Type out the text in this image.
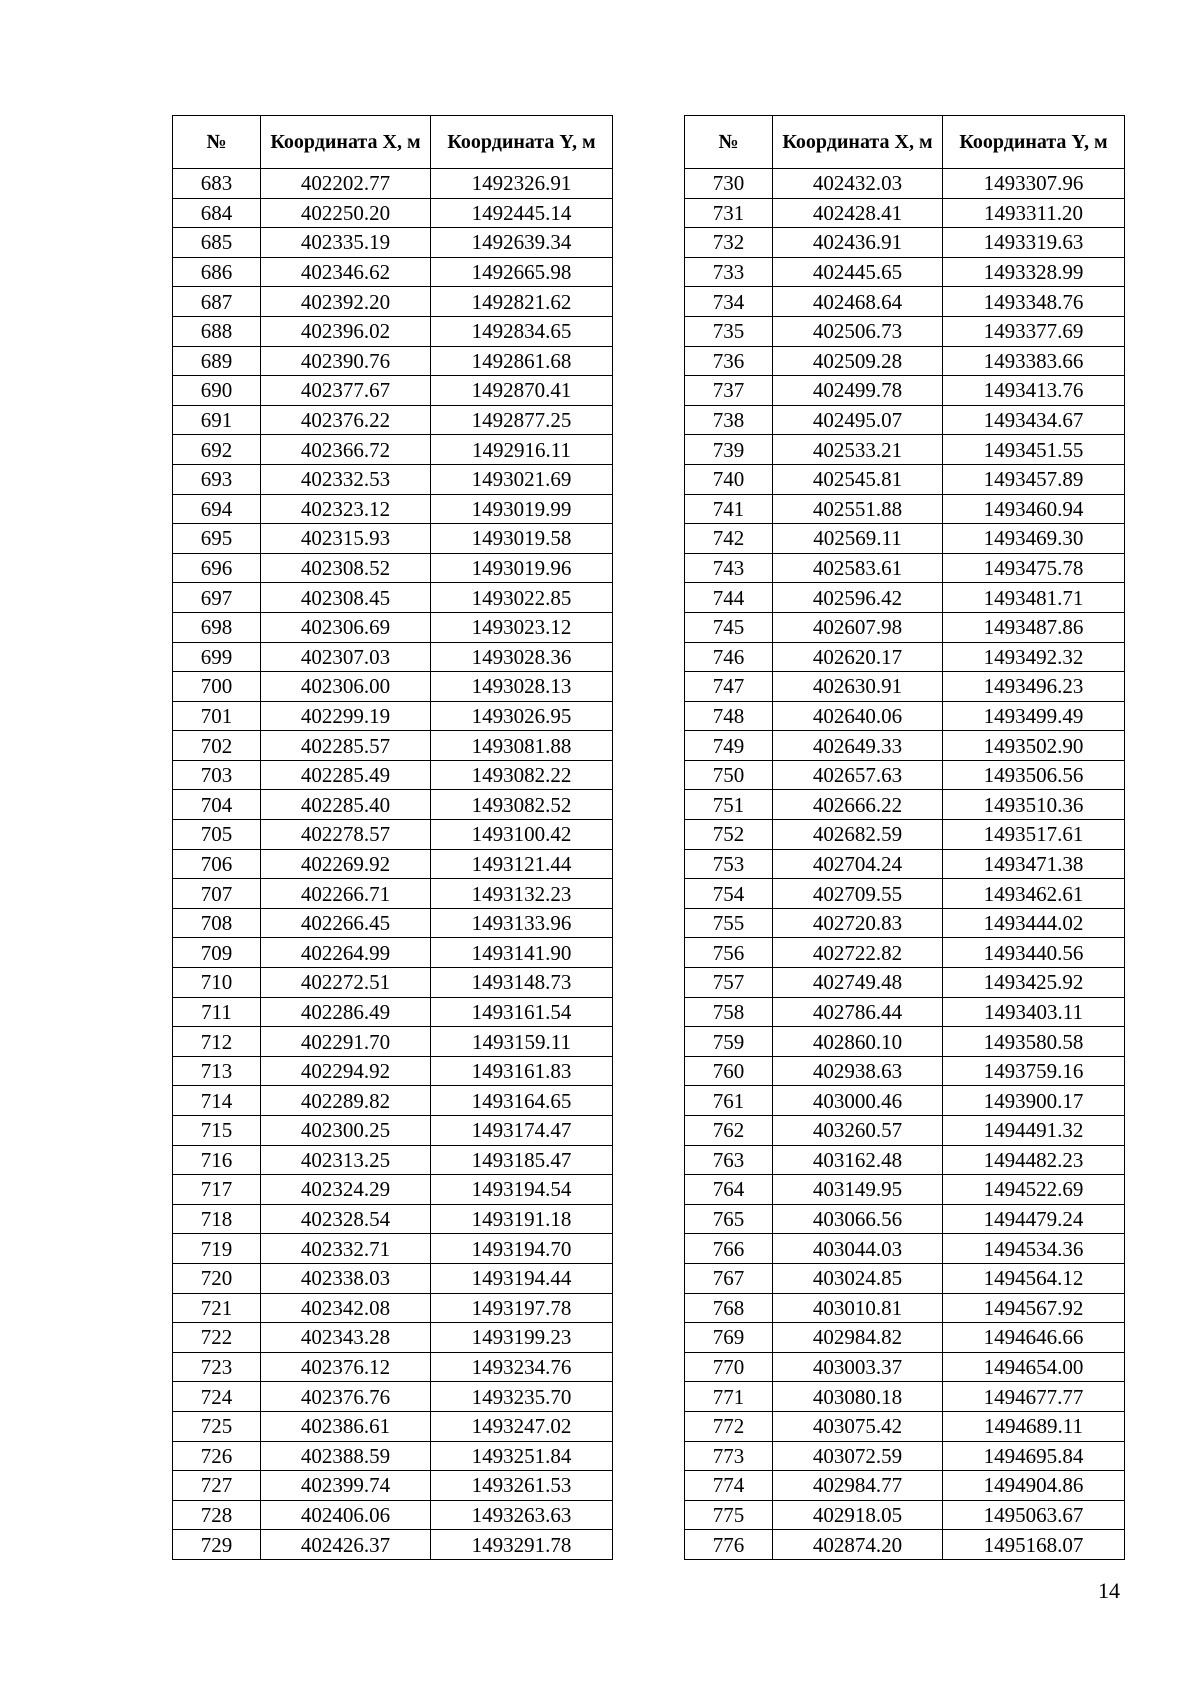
№	Координата X, м	Координата Y, м
683	402202.77	1492326.91
684	402250.20	1492445.14
685	402335.19	1492639.34
686	402346.62	1492665.98
687	402392.20	1492821.62
688	402396.02	1492834.65
689	402390.76	1492861.68
690	402377.67	1492870.41
691	402376.22	1492877.25
692	402366.72	1492916.11
693	402332.53	1493021.69
694	402323.12	1493019.99
695	402315.93	1493019.58
696	402308.52	1493019.96
697	402308.45	1493022.85
698	402306.69	1493023.12
699	402307.03	1493028.36
700	402306.00	1493028.13
701	402299.19	1493026.95
702	402285.57	1493081.88
703	402285.49	1493082.22
704	402285.40	1493082.52
705	402278.57	1493100.42
706	402269.92	1493121.44
707	402266.71	1493132.23
708	402266.45	1493133.96
709	402264.99	1493141.90
710	402272.51	1493148.73
711	402286.49	1493161.54
712	402291.70	1493159.11
713	402294.92	1493161.83
714	402289.82	1493164.65
715	402300.25	1493174.47
716	402313.25	1493185.47
717	402324.29	1493194.54
718	402328.54	1493191.18
719	402332.71	1493194.70
720	402338.03	1493194.44
721	402342.08	1493197.78
722	402343.28	1493199.23
723	402376.12	1493234.76
724	402376.76	1493235.70
725	402386.61	1493247.02
726	402388.59	1493251.84
727	402399.74	1493261.53
728	402406.06	1493263.63
729	402426.37	1493291.78
№	Координата X, м	Координата Y, м
730	402432.03	1493307.96
731	402428.41	1493311.20
732	402436.91	1493319.63
733	402445.65	1493328.99
734	402468.64	1493348.76
735	402506.73	1493377.69
736	402509.28	1493383.66
737	402499.78	1493413.76
738	402495.07	1493434.67
739	402533.21	1493451.55
740	402545.81	1493457.89
741	402551.88	1493460.94
742	402569.11	1493469.30
743	402583.61	1493475.78
744	402596.42	1493481.71
745	402607.98	1493487.86
746	402620.17	1493492.32
747	402630.91	1493496.23
748	402640.06	1493499.49
749	402649.33	1493502.90
750	402657.63	1493506.56
751	402666.22	1493510.36
752	402682.59	1493517.61
753	402704.24	1493471.38
754	402709.55	1493462.61
755	402720.83	1493444.02
756	402722.82	1493440.56
757	402749.48	1493425.92
758	402786.44	1493403.11
759	402860.10	1493580.58
760	402938.63	1493759.16
761	403000.46	1493900.17
762	403260.57	1494491.32
763	403162.48	1494482.23
764	403149.95	1494522.69
765	403066.56	1494479.24
766	403044.03	1494534.36
767	403024.85	1494564.12
768	403010.81	1494567.92
769	402984.82	1494646.66
770	403003.37	1494654.00
771	403080.18	1494677.77
772	403075.42	1494689.11
773	403072.59	1494695.84
774	402984.77	1494904.86
775	402918.05	1495063.67
776	402874.20	1495168.07
14
